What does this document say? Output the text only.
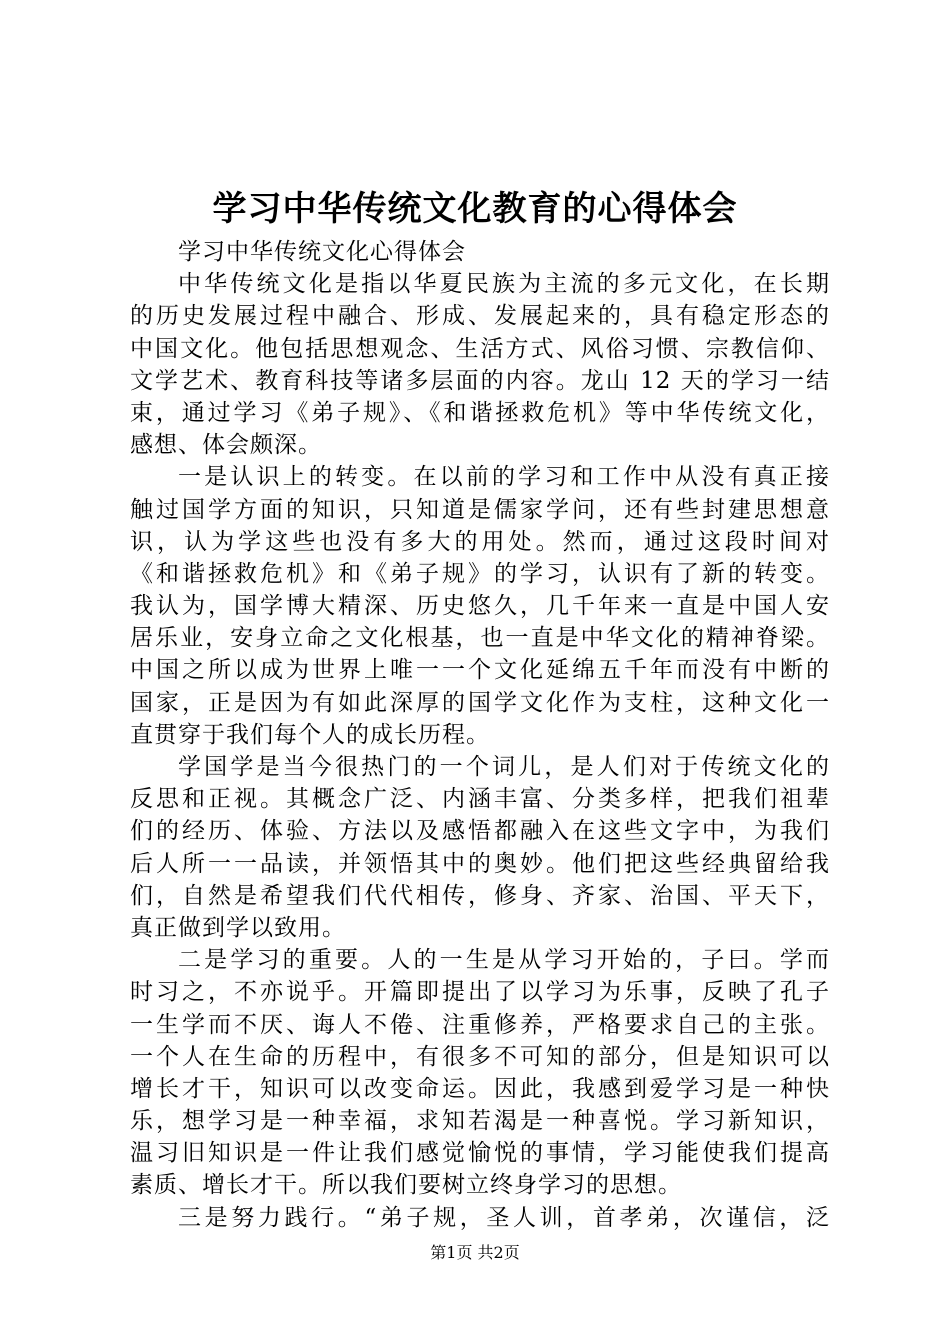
学习中华传统文化教育的心得体会
学习中华传统文化心得体会
中华传统文化是指以华夏民族为主流的多元文化，在长期
的历史发展过程中融合、形成、发展起来的，具有稳定形态的
中国文化。他包括思想观念、生活方式、风俗习惯、宗教信仰、
文学艺术、教育科技等诸多层面的内容。龙山 12 天的学习一结
束，通过学习《弟子规》、《和谐拯救危机》等中华传统文化，
感想、体会颇深。
一是认识上的转变。在以前的学习和工作中从没有真正接
触过国学方面的知识，只知道是儒家学问，还有些封建思想意
识，认为学这些也没有多大的用处。然而，通过这段时间对
《和谐拯救危机》和《弟子规》的学习，认识有了新的转变。
我认为，国学博大精深、历史悠久，几千年来一直是中国人安
居乐业，安身立命之文化根基，也一直是中华文化的精神脊梁。
中国之所以成为世界上唯一一个文化延绵五千年而没有中断的
国家，正是因为有如此深厚的国学文化作为支柱，这种文化一
直贯穿于我们每个人的成长历程。
学国学是当今很热门的一个词儿，是人们对于传统文化的
反思和正视。其概念广泛、内涵丰富、分类多样，把我们祖辈
们的经历、体验、方法以及感悟都融入在这些文字中，为我们
后人所一一品读，并领悟其中的奥妙。他们把这些经典留给我
们，自然是希望我们代代相传，修身、齐家、治国、平天下，
真正做到学以致用。
二是学习的重要。人的一生是从学习开始的，子曰。学而
时习之，不亦说乎。开篇即提出了以学习为乐事，反映了孔子
一生学而不厌、诲人不倦、注重修养，严格要求自己的主张。
一个人在生命的历程中，有很多不可知的部分，但是知识可以
增长才干，知识可以改变命运。因此，我感到爱学习是一种快
乐，想学习是一种幸福，求知若渴是一种喜悦。学习新知识，
温习旧知识是一件让我们感觉愉悦的事情，学习能使我们提高
素质、增长才干。所以我们要树立终身学习的思想。
三是努力践行。“弟子规，圣人训，首孝弟，次谨信，泛
第1页 共2页
